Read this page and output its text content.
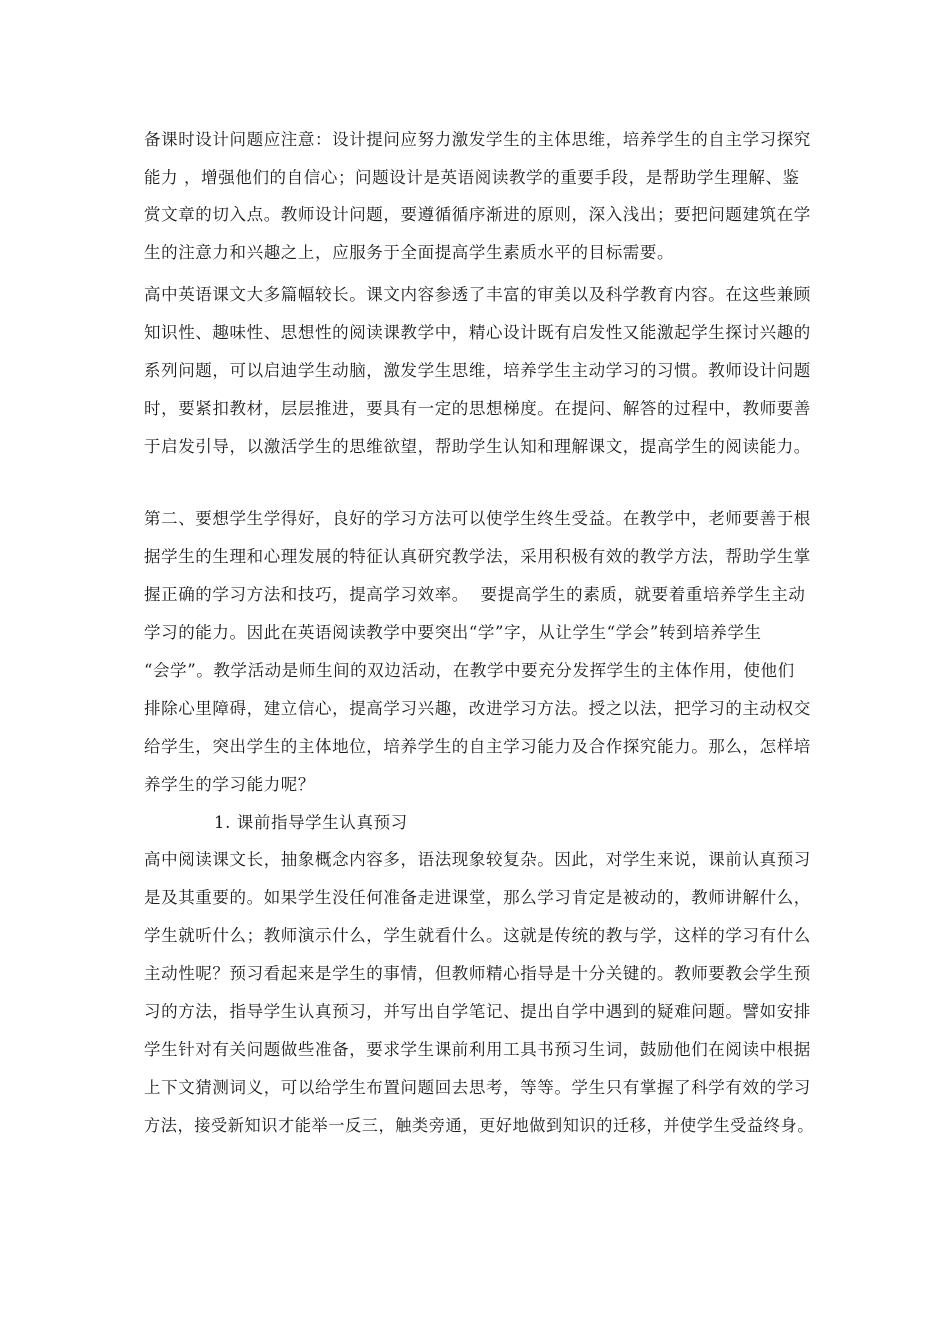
备课时设计问题应注意：设计提问应努力激发学生的主体思维，培养学生的自主学习探究

能力 ，增强他们的自信心；问题设计是英语阅读教学的重要手段，是帮助学生理解、鉴

赏文章的切入点。教师设计问题，要遵循循序渐进的原则，深入浅出；要把问题建筑在学

生的注意力和兴趣之上，应服务于全面提高学生素质水平的目标需要。

高中英语课文大多篇幅较长。课文内容参透了丰富的审美以及科学教育内容。在这些兼顾

知识性、趣味性、思想性的阅读课教学中，精心设计既有启发性又能激起学生探讨兴趣的

系列问题，可以启迪学生动脑，激发学生思维，培养学生主动学习的习惯。教师设计问题

时，要紧扣教材，层层推进，要具有一定的思想梯度。在提问、解答的过程中，教师要善

于启发引导，以激活学生的思维欲望，帮助学生认知和理解课文，提高学生的阅读能力。

第二、要想学生学得好，良好的学习方法可以使学生终生受益。在教学中，老师要善于根

据学生的生理和心理发展的特征认真研究教学法，采用积极有效的教学方法，帮助学生掌

握正确的学习方法和技巧，提高学习效率。  要提高学生的素质，就要着重培养学生主动

学习的能力。因此在英语阅读教学中要突出“学”字，从让学生“学会”转到培养学生

“会学”。教学活动是师生间的双边活动，在教学中要充分发挥学生的主体作用，使他们

排除心里障碍，建立信心，提高学习兴趣，改进学习方法。授之以法，把学习的主动权交

给学生，突出学生的主体地位，培养学生的自主学习能力及合作探究能力。那么，怎样培

养学生的学习能力呢？

1. 课前指导学生认真预习

高中阅读课文长，抽象概念内容多，语法现象较复杂。因此，对学生来说，课前认真预习

是及其重要的。如果学生没任何准备走进课堂，那么学习肯定是被动的，教师讲解什么，

学生就听什么；教师演示什么，学生就看什么。这就是传统的教与学，这样的学习有什么

主动性呢？预习看起来是学生的事情，但教师精心指导是十分关键的。教师要教会学生预

习的方法，指导学生认真预习，并写出自学笔记、提出自学中遇到的疑难问题。譬如安排

学生针对有关问题做些准备，要求学生课前利用工具书预习生词，鼓励他们在阅读中根据

上下文猜测词义，可以给学生布置问题回去思考，等等。学生只有掌握了科学有效的学习

方法，接受新知识才能举一反三，触类旁通，更好地做到知识的迁移，并使学生受益终身。
